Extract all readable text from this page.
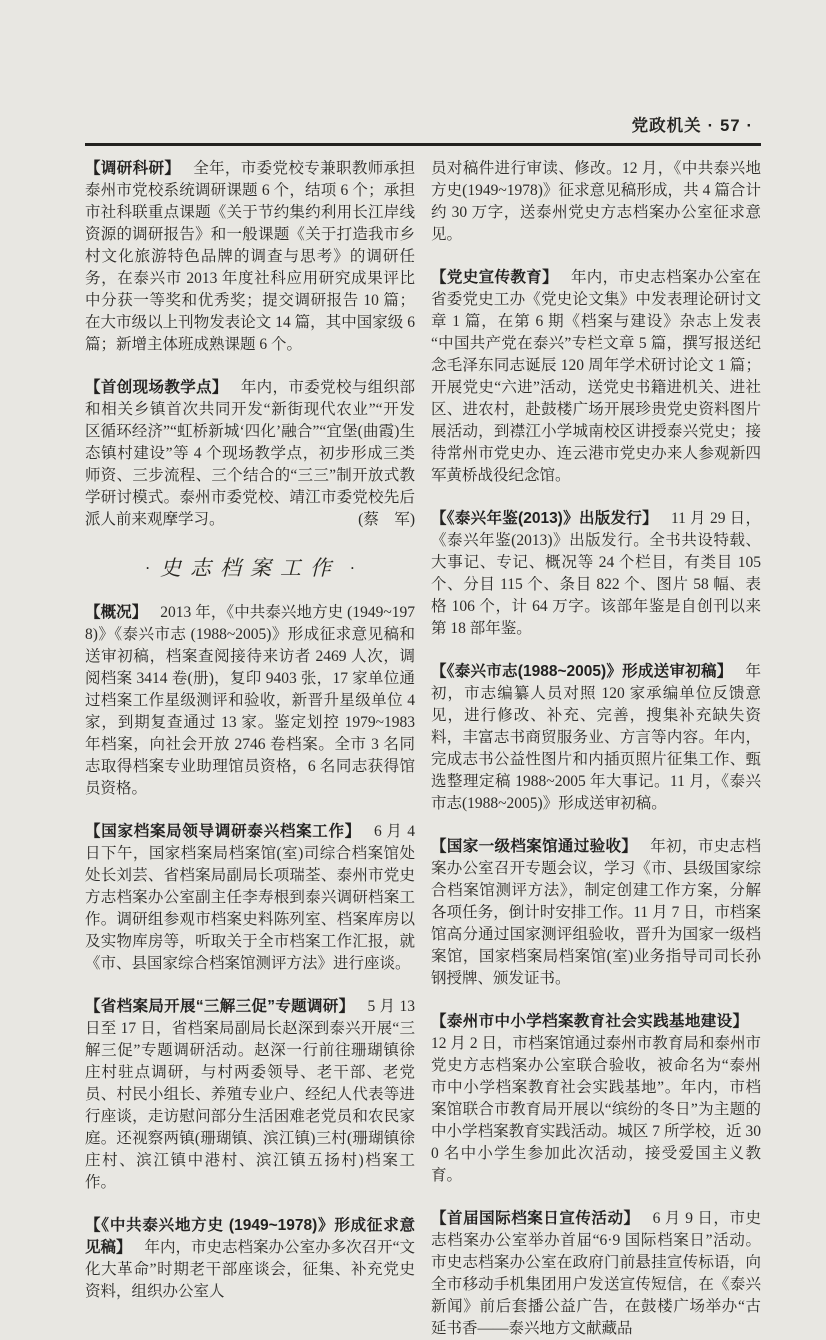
党政机关 · 57 ·

【调研科研】 全年，市委党校专兼职教师承担泰州市党校系统调研课题 6 个，结项 6 个；承担市社科联重点课题《关于节约集约利用长江岸线资源的调研报告》和一般课题《关于打造我市乡村文化旅游特色品牌的调查与思考》的调研任务，在泰兴市 2013 年度社科应用研究成果评比中分获一等奖和优秀奖；提交调研报告 10 篇；在大市级以上刊物发表论文 14 篇，其中国家级 6 篇；新增主体班成熟课题 6 个。

【首创现场教学点】 年内，市委党校与组织部和相关乡镇首次共同开发“新街现代农业”“开发区循环经济”“虹桥新城‘四化’融合”“宜堡(曲霞)生态镇村建设”等 4 个现场教学点，初步形成三类师资、三步流程、三个结合的“三三”制开放式教学研讨模式。泰州市委党校、靖江市委党校先后派人前来观摩学习。	(蔡　军)

· 史志档案工作 ·

【概况】 2013 年，《中共泰兴地方史 (1949~1978)》《泰兴市志 (1988~2005)》形成征求意见稿和送审初稿，档案查阅接待来访者 2469 人次，调阅档案 3414 卷(册)，复印 9403 张，17 家单位通过档案工作星级测评和验收，新晋升星级单位 4 家，到期复查通过 13 家。鉴定划控 1979~1983 年档案，向社会开放 2746 卷档案。全市 3 名同志取得档案专业助理馆员资格，6 名同志获得馆员资格。

【国家档案局领导调研泰兴档案工作】 6 月 4 日下午，国家档案局档案馆(室)司综合档案馆处处长刘芸、省档案局副局长项瑞荃、泰州市党史方志档案办公室副主任李寿根到泰兴调研档案工作。调研组参观市档案史料陈列室、档案库房以及实物库房等，听取关于全市档案工作汇报，就《市、县国家综合档案馆测评方法》进行座谈。

【省档案局开展“三解三促”专题调研】 5 月 13 日至 17 日，省档案局副局长赵深到泰兴开展“三解三促”专题调研活动。赵深一行前往珊瑚镇徐庄村驻点调研，与村两委领导、老干部、老党员、村民小组长、养殖专业户、经纪人代表等进行座谈，走访慰问部分生活困难老党员和农民家庭。还视察两镇(珊瑚镇、滨江镇)三村(珊瑚镇徐庄村、滨江镇中港村、滨江镇五扬村)档案工作。

【《中共泰兴地方史 (1949~1978)》形成征求意见稿】 年内，市史志档案办公室办多次召开“文化大革命”时期老干部座谈会，征集、补充党史资料，组织办公室人

员对稿件进行审读、修改。12 月，《中共泰兴地方史(1949~1978)》征求意见稿形成，共 4 篇合计约 30 万字，送泰州党史方志档案办公室征求意见。

【党史宣传教育】 年内，市史志档案办公室在省委党史工办《党史论文集》中发表理论研讨文章 1 篇，在第 6 期《档案与建设》杂志上发表“中国共产党在泰兴”专栏文章 5 篇，撰写报送纪念毛泽东同志诞辰 120 周年学术研讨论文 1 篇；开展党史“六进”活动，送党史书籍进机关、进社区、进农村，赴鼓楼广场开展珍贵党史资料图片展活动，到襟江小学城南校区讲授泰兴党史；接待常州市党史办、连云港市党史办来人参观新四军黄桥战役纪念馆。

【《泰兴年鉴(2013)》出版发行】 11 月 29 日，《泰兴年鉴(2013)》出版发行。全书共设特载、大事记、专记、概况等 24 个栏目，有类目 105 个、分目 115 个、条目 822 个、图片 58 幅、表格 106 个，计 64 万字。该部年鉴是自创刊以来第 18 部年鉴。

【《泰兴市志(1988~2005)》形成送审初稿】 年初，市志编纂人员对照 120 家承编单位反馈意见，进行修改、补充、完善，搜集补充缺失资料，丰富志书商贸服务业、方言等内容。年内，完成志书公益性图片和内插页照片征集工作、甄选整理定稿 1988~2005 年大事记。11 月，《泰兴市志(1988~2005)》形成送审初稿。

【国家一级档案馆通过验收】 年初，市史志档案办公室召开专题会议，学习《市、县级国家综合档案馆测评方法》，制定创建工作方案，分解各项任务，倒计时安排工作。11 月 7 日，市档案馆高分通过国家测评组验收，晋升为国家一级档案馆，国家档案局档案馆(室)业务指导司司长孙钢授牌、颁发证书。

【泰州市中小学档案教育社会实践基地建设】12 月 2 日，市档案馆通过泰州市教育局和泰州市党史方志档案办公室联合验收，被命名为“泰州市中小学档案教育社会实践基地”。年内，市档案馆联合市教育局开展以“缤纷的冬日”为主题的中小学档案教育实践活动。城区 7 所学校，近 300 名中小学生参加此次活动，接受爱国主义教育。

【首届国际档案日宣传活动】 6 月 9 日，市史志档案办公室举办首届“6·9 国际档案日”活动。市史志档案办公室在政府门前悬挂宣传标语，向全市移动手机集团用户发送宣传短信，在《泰兴新闻》前后套播公益广告，在鼓楼广场举办“古延书香——泰兴地方文献藏品
